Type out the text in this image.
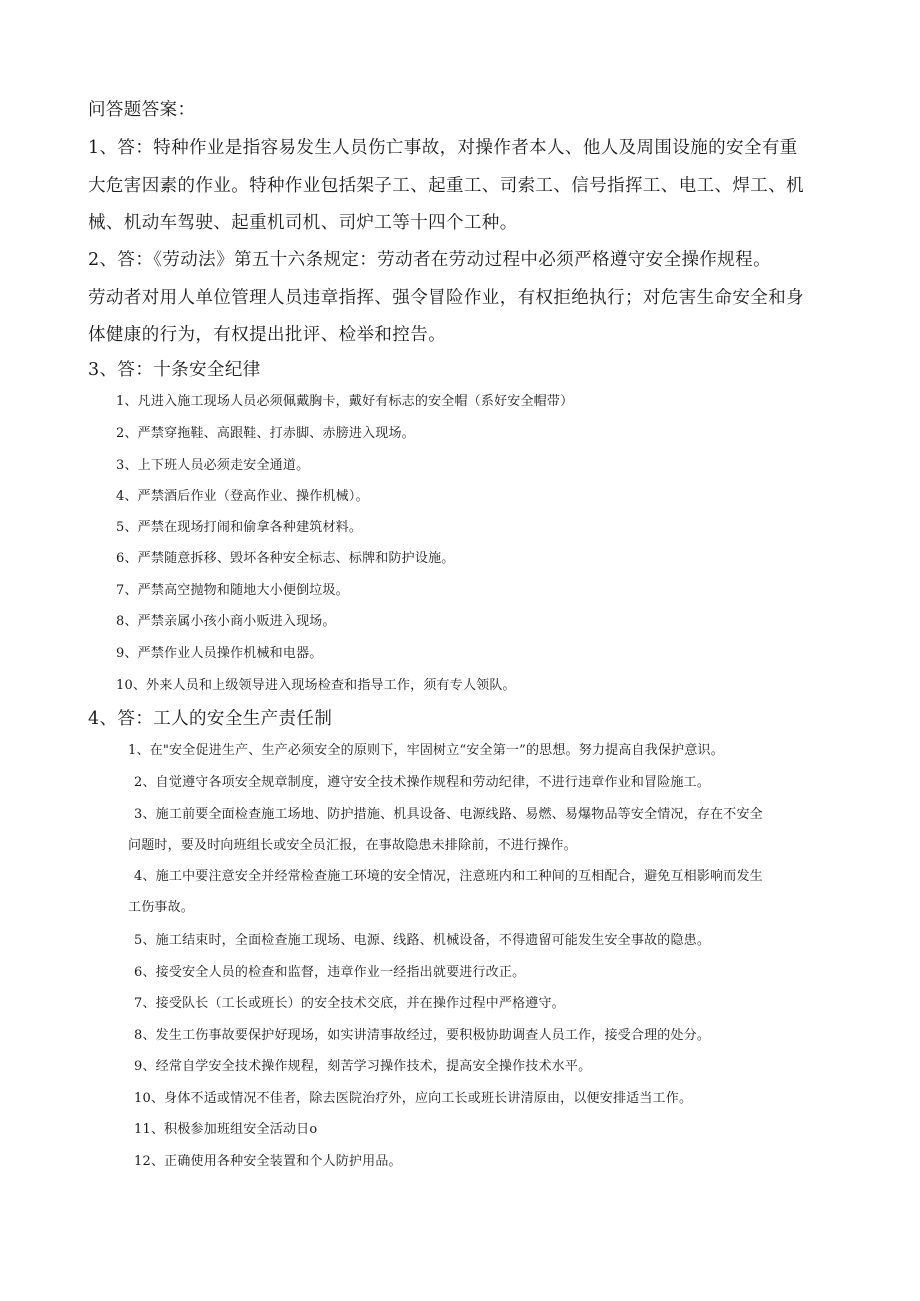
问答题答案：
1、答：特种作业是指容易发生人员伤亡事故，对操作者本人、他人及周围设施的安全有重
大危害因素的作业。特种作业包括架子工、起重工、司索工、信号指挥工、电工、焊工、机
械、机动车驾驶、起重机司机、司炉工等十四个工种。
2、答：《劳动法》第五十六条规定：劳动者在劳动过程中必须严格遵守安全操作规程。
劳动者对用人单位管理人员违章指挥、强令冒险作业，有权拒绝执行；对危害生命安全和身
体健康的行为，有权提出批评、检举和控告。
3、答：十条安全纪律
1、凡进入施工现场人员必须佩戴胸卡，戴好有标志的安全帽（系好安全帽带）
2、严禁穿拖鞋、高跟鞋、打赤脚、赤膀进入现场。
3、上下班人员必须走安全通道。
4、严禁酒后作业（登高作业、操作机械）。
5、严禁在现场打闹和偷拿各种建筑材料。
6、严禁随意拆移、毁坏各种安全标志、标牌和防护设施。
7、严禁高空抛物和随地大小便倒垃圾。
8、严禁亲属小孩小商小贩进入现场。
9、严禁作业人员操作机械和电器。
10、外来人员和上级领导进入现场检查和指导工作，须有专人领队。
4、答：工人的安全生产责任制
1、在"安全促进生产、生产必须安全的原则下，牢固树立“安全第一”的思想。努力提高自我保护意识。
2、自觉遵守各项安全规章制度，遵守安全技术操作规程和劳动纪律，不进行违章作业和冒险施工。
3、施工前要全面检查施工场地、防护措施、机具设备、电源线路、易燃、易爆物品等安全情况，存在不安全
问题时，要及时向班组长或安全员汇报，在事故隐患未排除前，不进行操作。
4、施工中要注意安全并经常检查施工环境的安全情况，注意班内和工种间的互相配合，避免互相影响而发生
工伤事故。
5、施工结束时，全面检查施工现场、电源、线路、机械设备，不得遗留可能发生安全事故的隐患。
6、接受安全人员的检查和监督，违章作业一经指出就要进行改正。
7、接受队长（工长或班长）的安全技术交底，并在操作过程中严格遵守。
8、发生工伤事故要保护好现场，如实讲清事故经过，要积极协助调查人员工作，接受合理的处分。
9、经常自学安全技术操作规程，刻苦学习操作技术，提高安全操作技术水平。
10、身体不适或情况不佳者，除去医院治疗外，应向工长或班长讲清原由，以便安排适当工作。
11、积极参加班组安全活动日o
12、正确使用各种安全装置和个人防护用品。
